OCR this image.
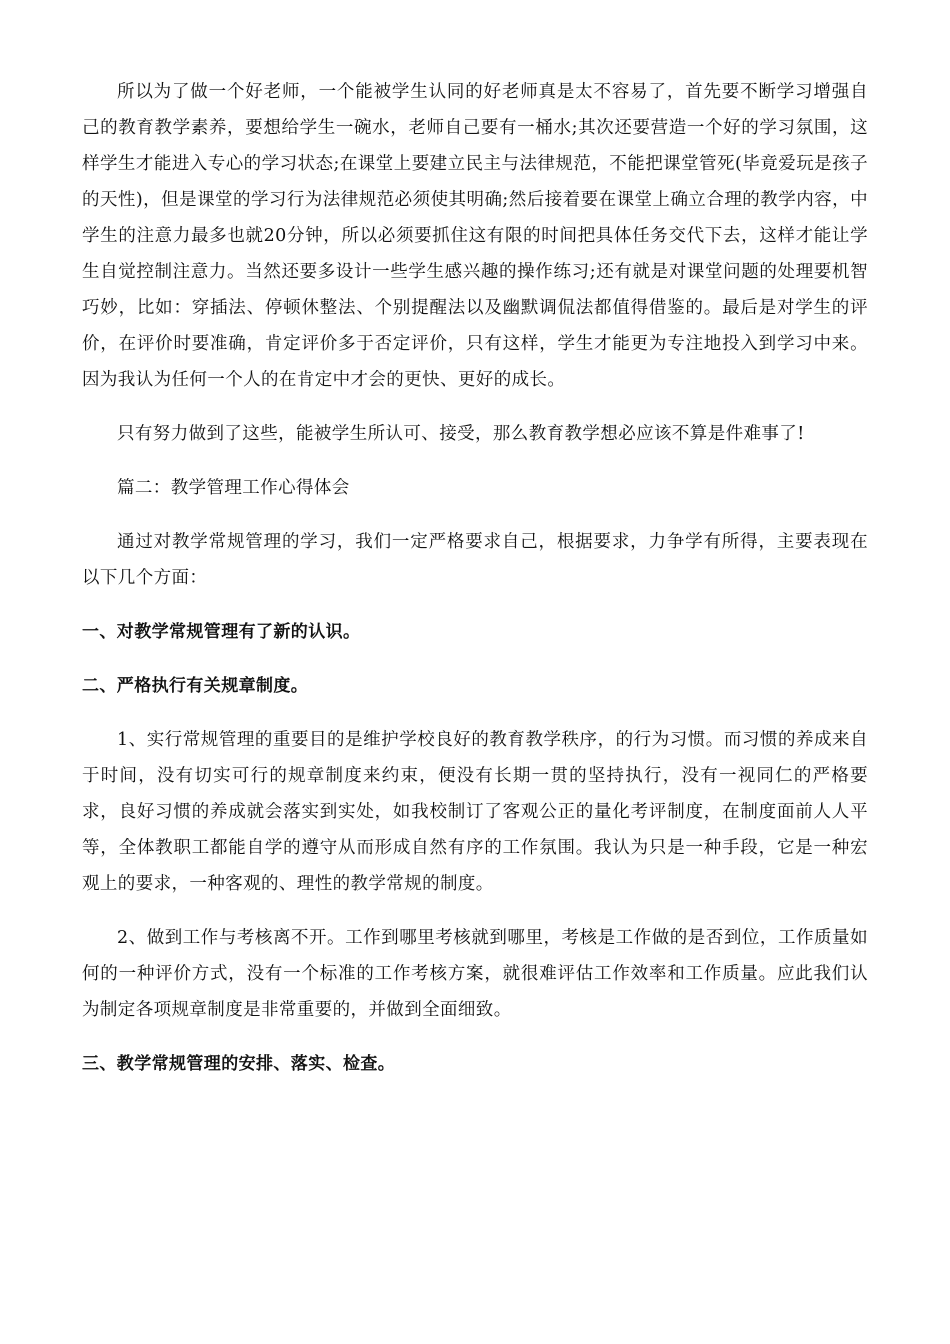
所以为了做一个好老师，一个能被学生认同的好老师真是太不容易了，首先要不断学习增强自己的教育教学素养，要想给学生一碗水，老师自己要有一桶水;其次还要营造一个好的学习氛围，这样学生才能进入专心的学习状态;在课堂上要建立民主与法律规范，不能把课堂管死(毕竟爱玩是孩子的天性)，但是课堂的学习行为法律规范必须使其明确;然后接着要在课堂上确立合理的教学内容，中学生的注意力最多也就20分钟，所以必须要抓住这有限的时间把具体任务交代下去，这样才能让学生自觉控制注意力。当然还要多设计一些学生感兴趣的操作练习;还有就是对课堂问题的处理要机智巧妙，比如：穿插法、停顿休整法、个别提醒法以及幽默调侃法都值得借鉴的。最后是对学生的评价，在评价时要准确，肯定评价多于否定评价，只有这样，学生才能更为专注地投入到学习中来。因为我认为任何一个人的在肯定中才会的更快、更好的成长。

只有努力做到了这些，能被学生所认可、接受，那么教育教学想必应该不算是件难事了!

篇二：教学管理工作心得体会

通过对教学常规管理的学习，我们一定严格要求自己，根据要求，力争学有所得，主要表现在以下几个方面：

一、对教学常规管理有了新的认识。

二、严格执行有关规章制度。

1、实行常规管理的重要目的是维护学校良好的教育教学秩序，的行为习惯。而习惯的养成来自于时间，没有切实可行的规章制度来约束，便没有长期一贯的坚持执行，没有一视同仁的严格要求，良好习惯的养成就会落实到实处，如我校制订了客观公正的量化考评制度，在制度面前人人平等，全体教职工都能自学的遵守从而形成自然有序的工作氛围。我认为只是一种手段，它是一种宏观上的要求，一种客观的、理性的教学常规的制度。

2、做到工作与考核离不开。工作到哪里考核就到哪里，考核是工作做的是否到位，工作质量如何的一种评价方式，没有一个标准的工作考核方案，就很难评估工作效率和工作质量。应此我们认为制定各项规章制度是非常重要的，并做到全面细致。

三、教学常规管理的安排、落实、检查。
